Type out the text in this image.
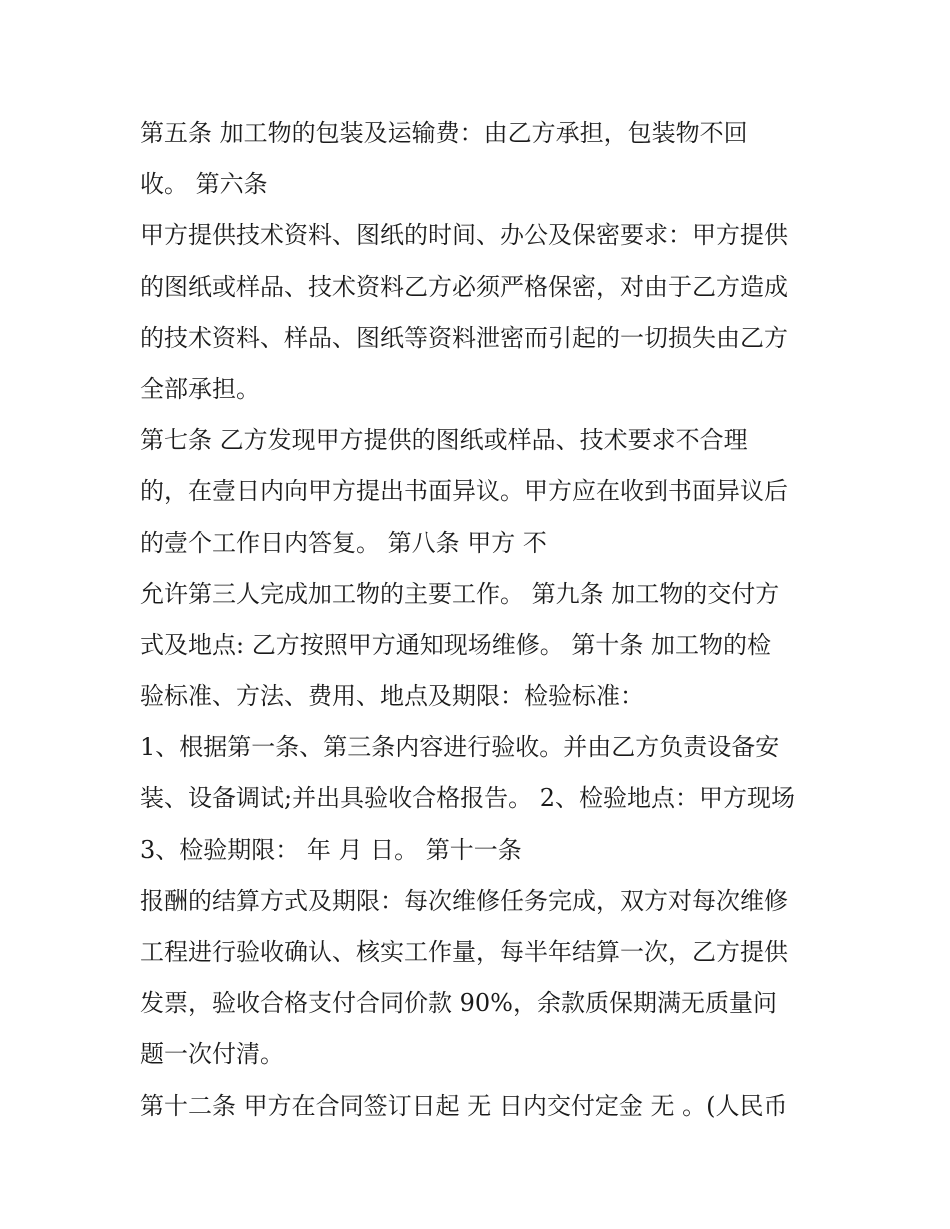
第五条 加工物的包装及运输费：由乙方承担，包装物不回
收。 第六条
甲方提供技术资料、图纸的时间、办公及保密要求：甲方提供
的图纸或样品、技术资料乙方必须严格保密，对由于乙方造成
的技术资料、样品、图纸等资料泄密而引起的一切损失由乙方
全部承担。
第七条 乙方发现甲方提供的图纸或样品、技术要求不合理
的，在壹日内向甲方提出书面异议。甲方应在收到书面异议后
的壹个工作日内答复。 第八条 甲方 不
允许第三人完成加工物的主要工作。 第九条 加工物的交付方
式及地点: 乙方按照甲方通知现场维修。 第十条 加工物的检
验标准、方法、费用、地点及期限：检验标准：
1、根据第一条、第三条内容进行验收。并由乙方负责设备安
装、设备调试;并出具验收合格报告。 2、检验地点：甲方现场
3、检验期限： 年 月 日。 第十一条
报酬的结算方式及期限：每次维修任务完成，双方对每次维修
工程进行验收确认、核实工作量，每半年结算一次，乙方提供
发票，验收合格支付合同价款 90%，余款质保期满无质量问
题一次付清。
第十二条 甲方在合同签订日起 无 日内交付定金 无 。(人民币
